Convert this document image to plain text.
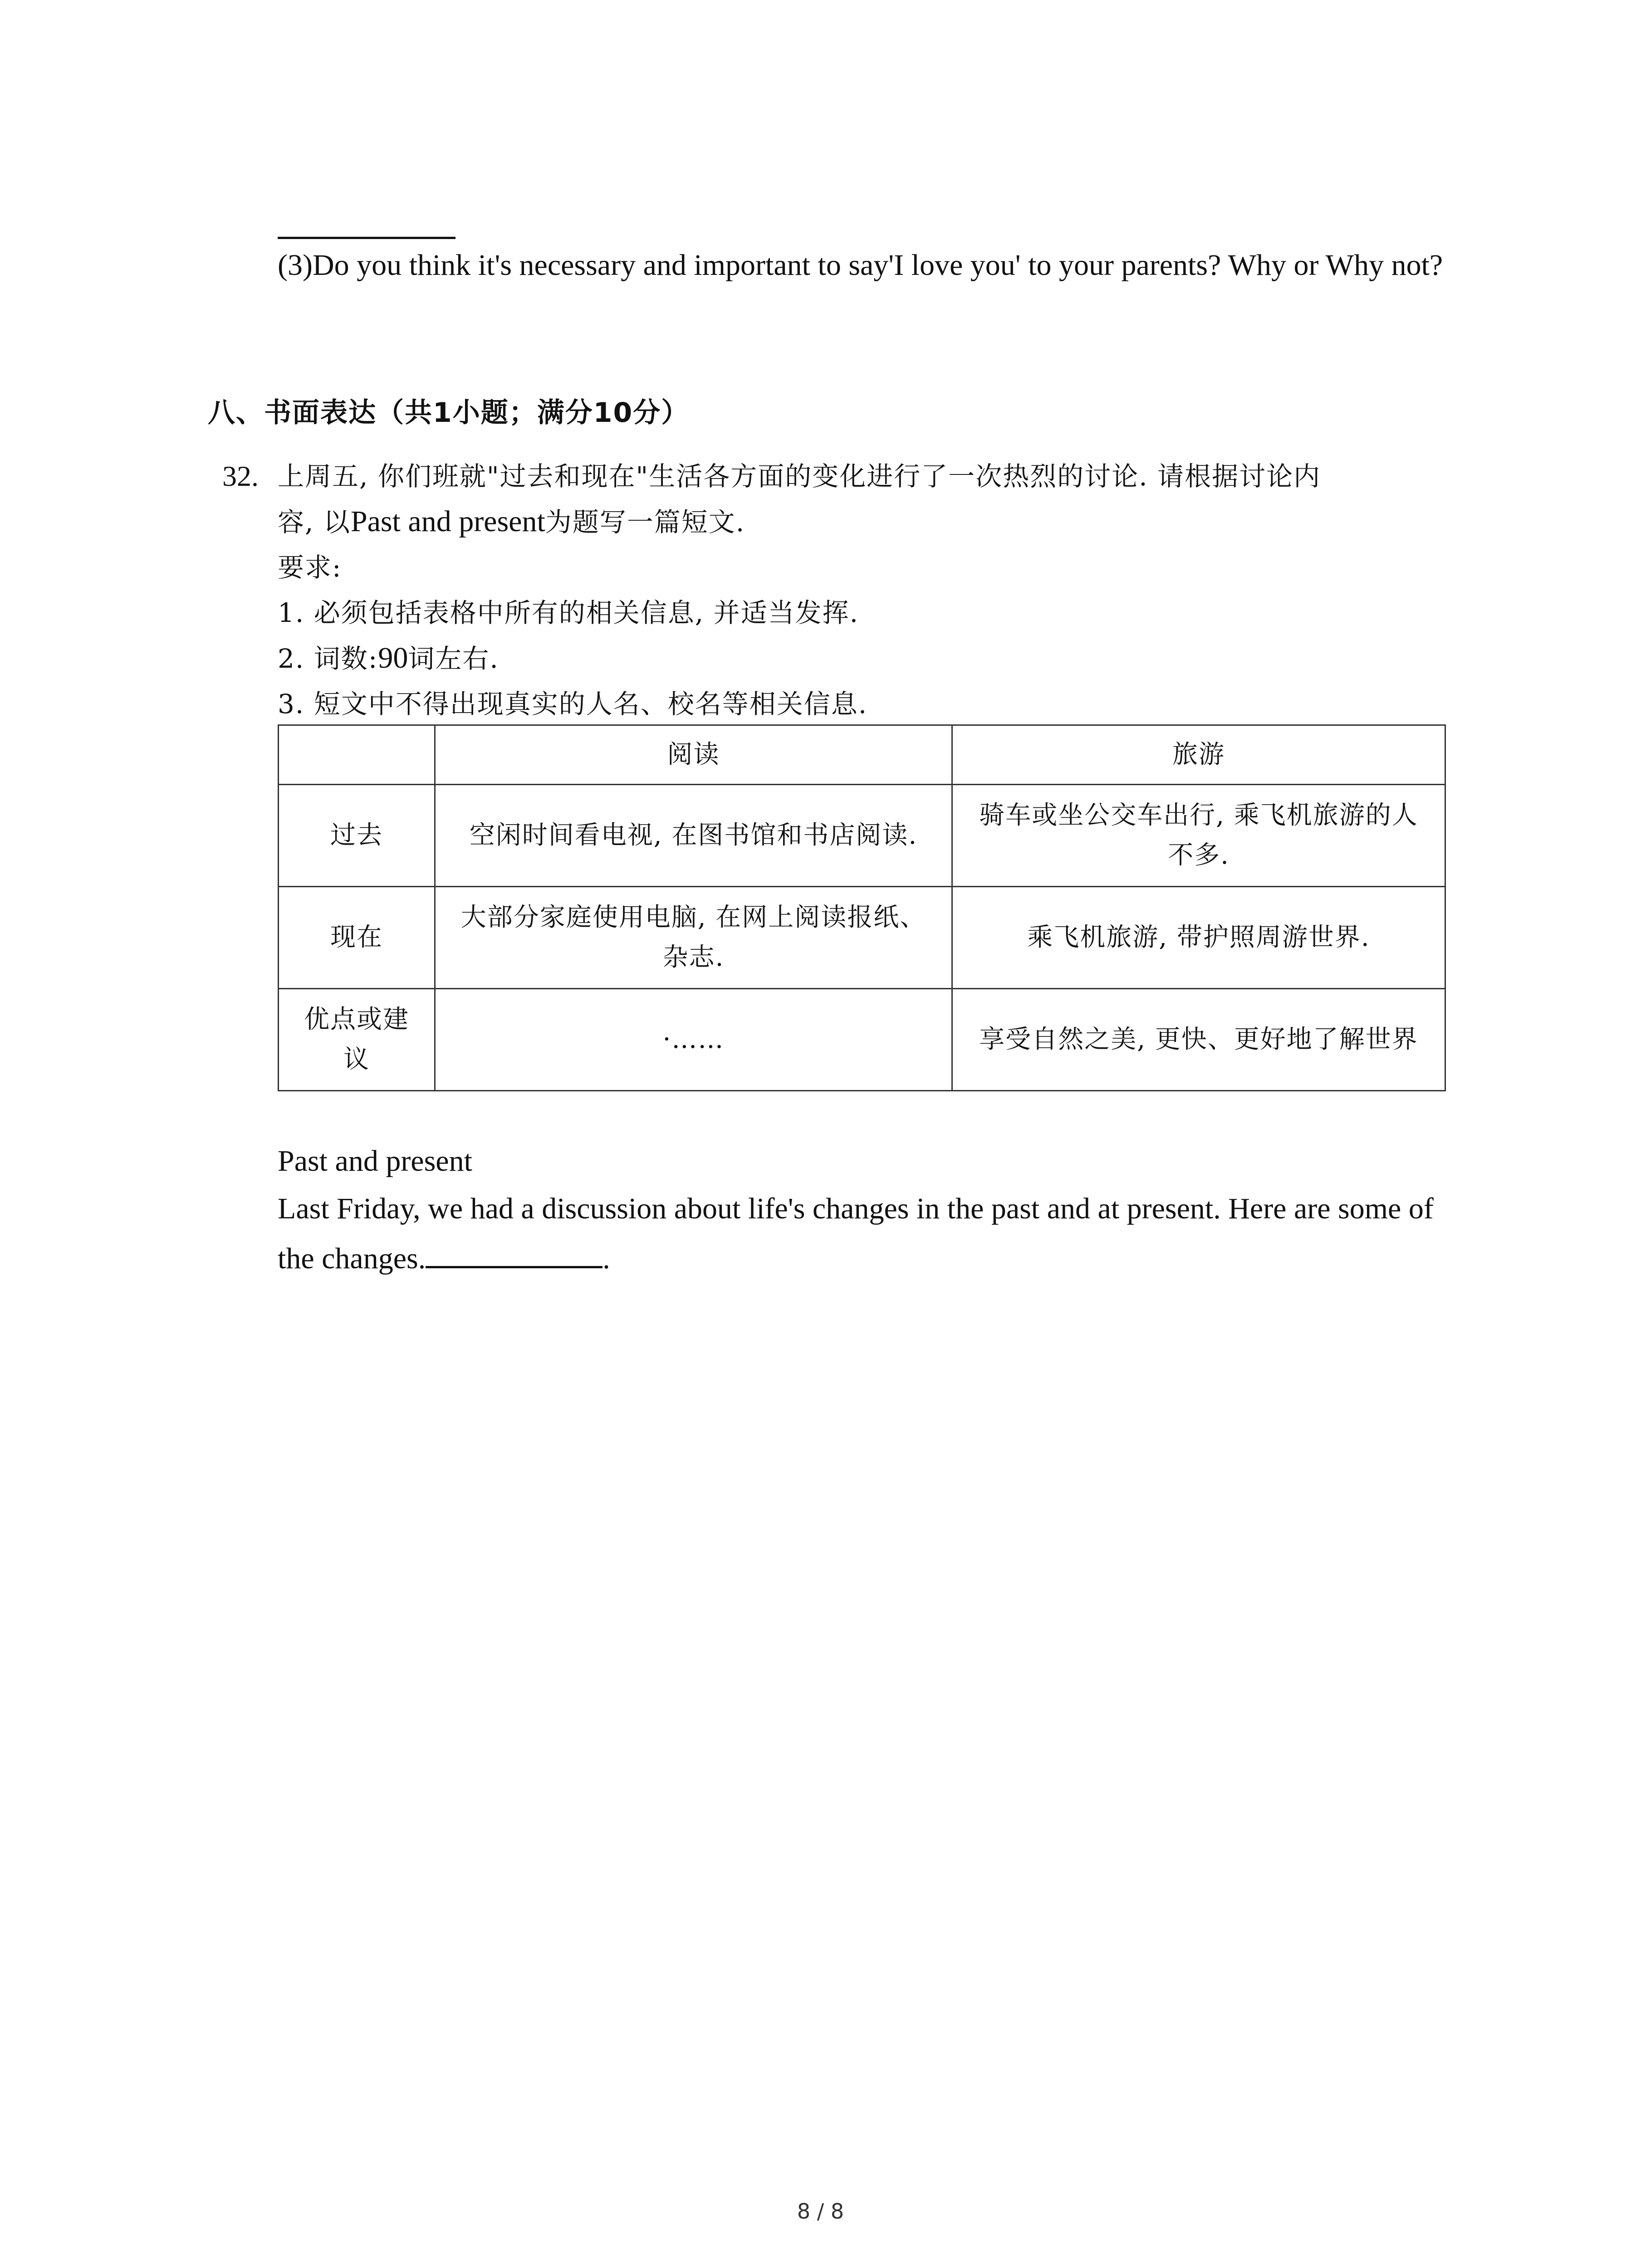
(3)Do you think it's necessary and important to say'I love you' to your parents? Why or Why not?
八、书面表达（共1小题；满分10分）
32. 上周五, 你们班就"过去和现在"生活各方面的变化进行了一次热烈的讨论. 请根据讨论内
容, 以Past and present为题写一篇短文.

要求:

1. 必须包括表格中所有的相关信息, 并适当发挥.

2. 词数:90词左右.

3. 短文中不得出现真实的人名、校名等相关信息.

	阅读	旅游
过去	空闲时间看电视, 在图书馆和书店阅读.	骑车或坐公交车出行, 乘飞机旅游的人不多.
现在	大部分家庭使用电脑, 在网上阅读报纸、杂志.	乘飞机旅游, 带护照周游世界.
优点或建议	·……	享受自然之美, 更快、更好地了解世界
Past and present
Last Friday, we had a discussion about life's changes in the past and at present. Here are some of the changes.	.
8 / 8
